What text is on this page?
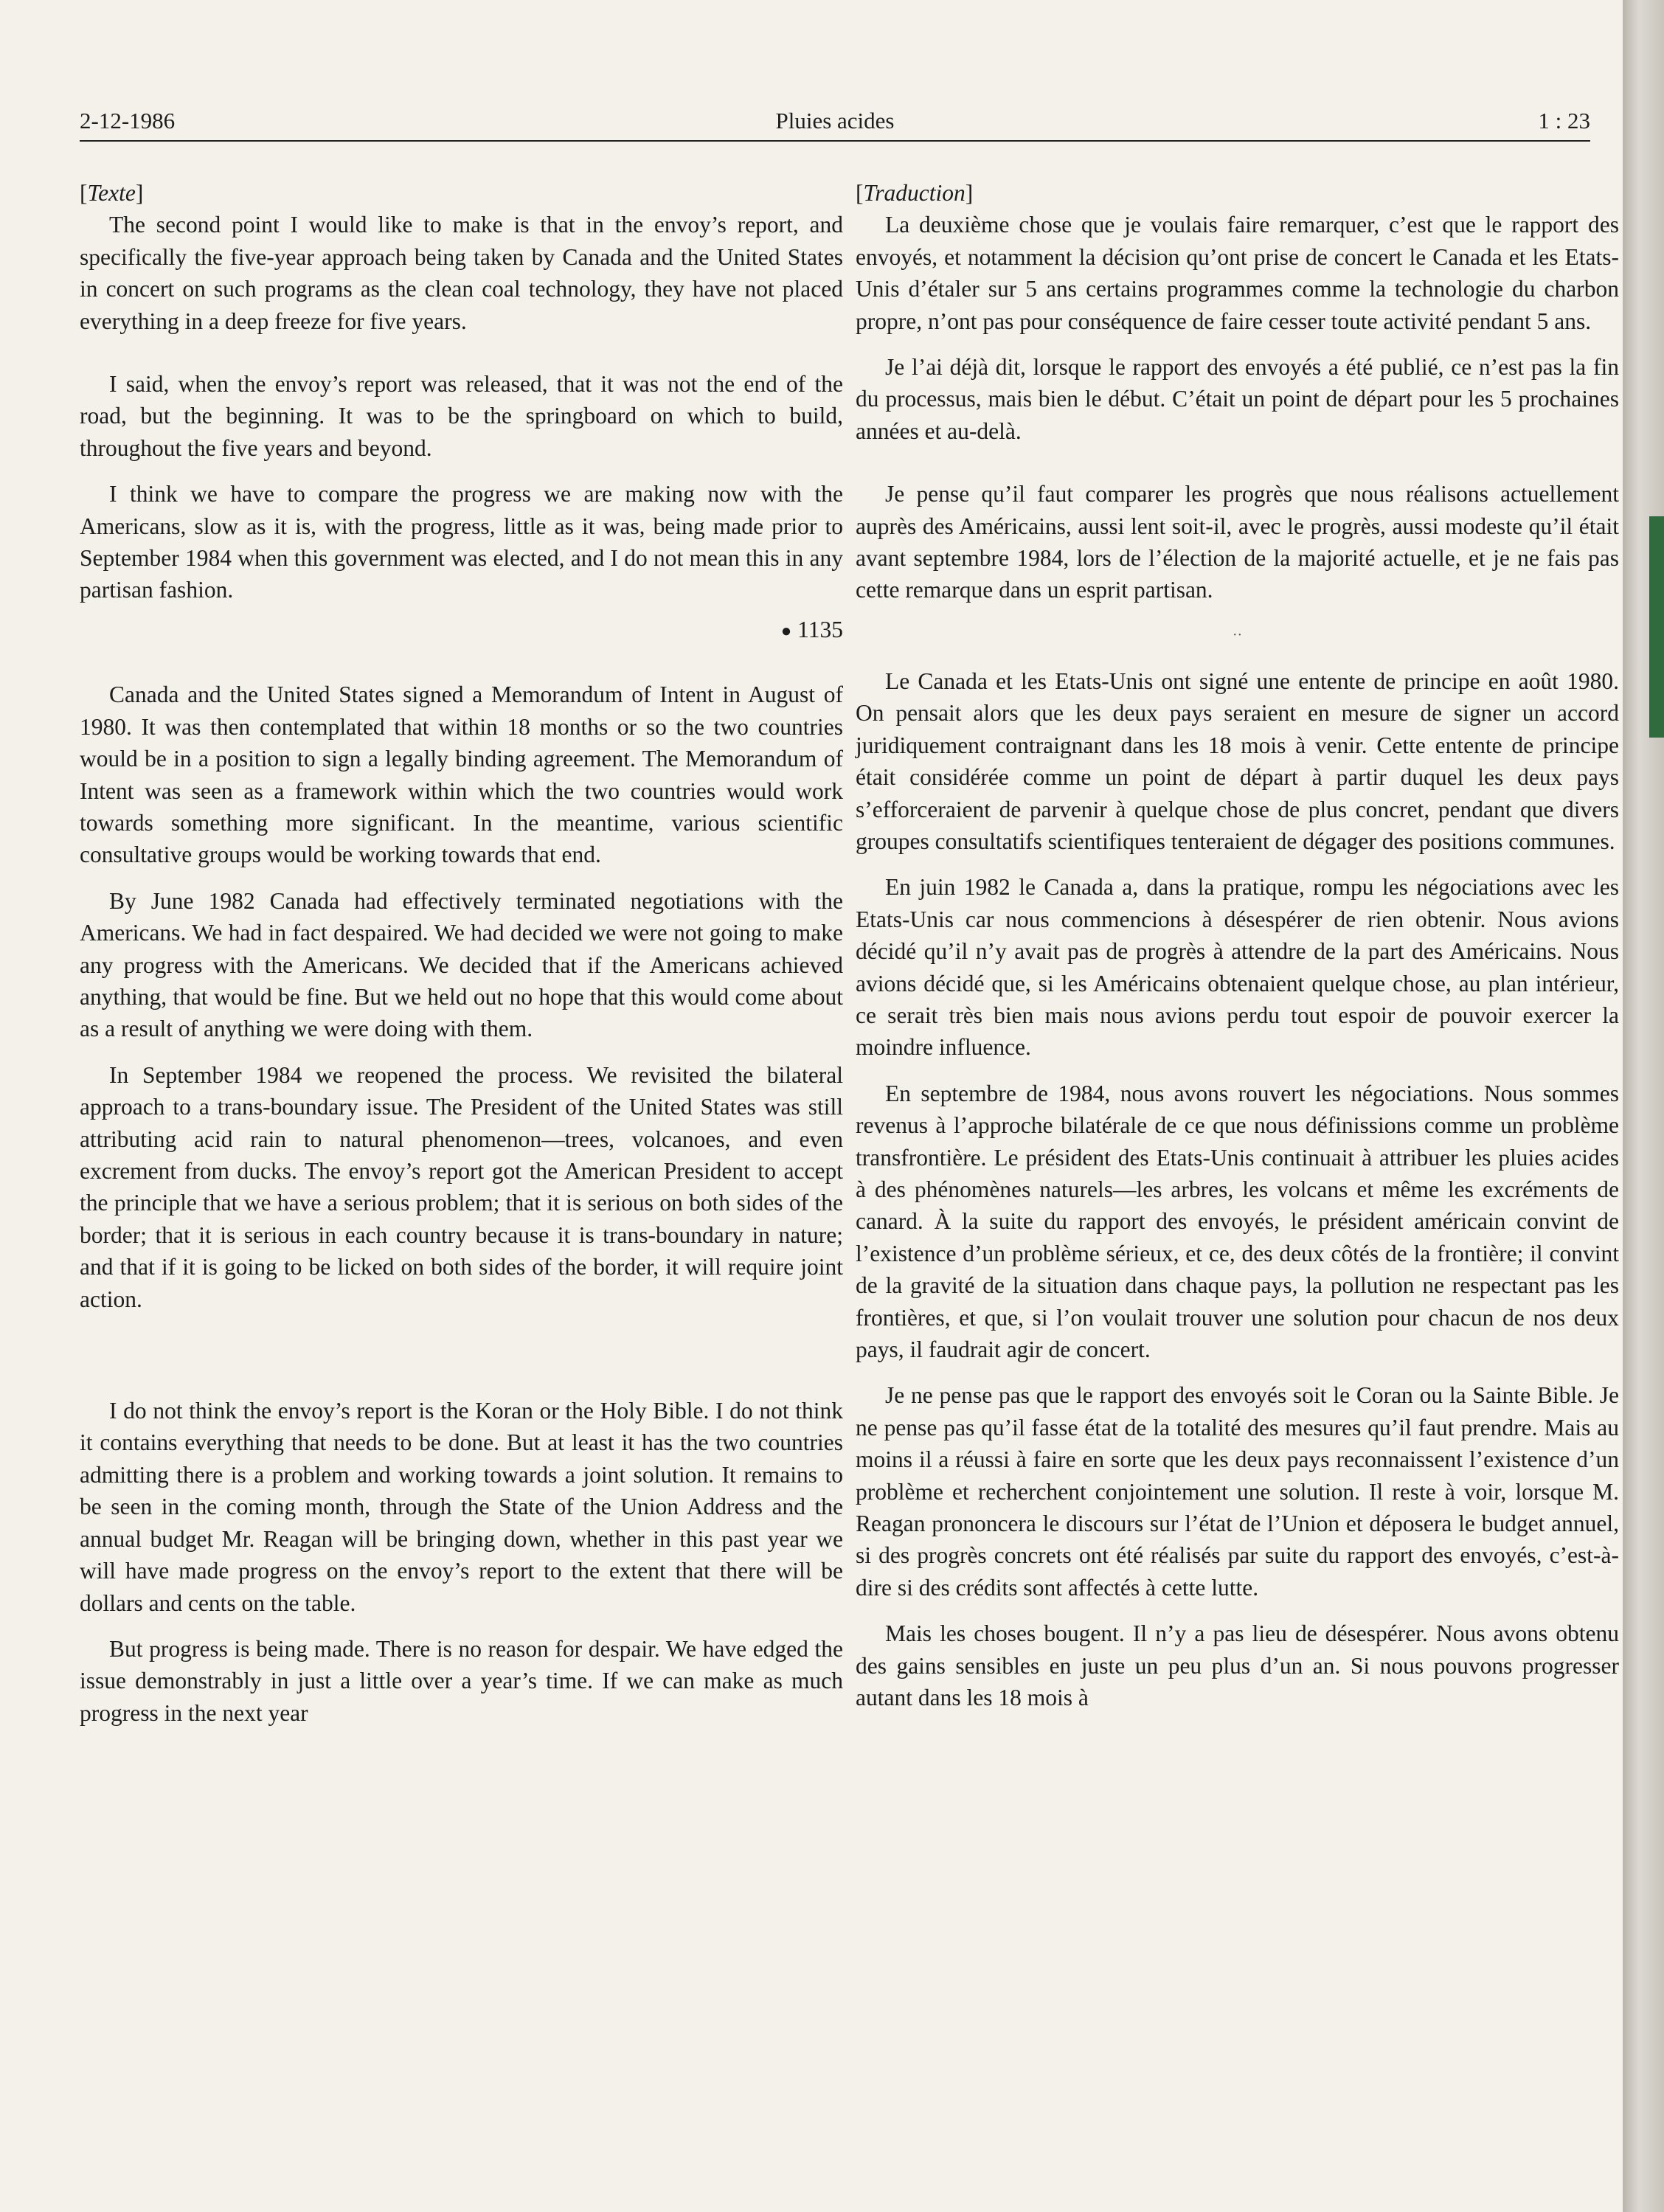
2-12-1986	Pluies acides	1 : 23
[Texte]

The second point I would like to make is that in the envoy’s report, and specifically the five-year approach being taken by Canada and the United States in concert on such programs as the clean coal technology, they have not placed everything in a deep freeze for five years.

I said, when the envoy’s report was released, that it was not the end of the road, but the beginning. It was to be the springboard on which to build, throughout the five years and beyond.

I think we have to compare the progress we are making now with the Americans, slow as it is, with the progress, little as it was, being made prior to September 1984 when this government was elected, and I do not mean this in any partisan fashion.

● 1135

Canada and the United States signed a Memorandum of Intent in August of 1980. It was then contemplated that within 18 months or so the two countries would be in a position to sign a legally binding agreement. The Memorandum of Intent was seen as a framework within which the two countries would work towards something more significant. In the meantime, various scientific consultative groups would be working towards that end.

By June 1982 Canada had effectively terminated negotiations with the Americans. We had in fact despaired. We had decided we were not going to make any progress with the Americans. We decided that if the Americans achieved anything, that would be fine. But we held out no hope that this would come about as a result of anything we were doing with them.

In September 1984 we reopened the process. We revisited the bilateral approach to a trans-boundary issue. The President of the United States was still attributing acid rain to natural phenomenon—trees, volcanoes, and even excrement from ducks. The envoy’s report got the American President to accept the principle that we have a serious problem; that it is serious on both sides of the border; that it is serious in each country because it is trans-boundary in nature; and that if it is going to be licked on both sides of the border, it will require joint action.

I do not think the envoy’s report is the Koran or the Holy Bible. I do not think it contains everything that needs to be done. But at least it has the two countries admitting there is a problem and working towards a joint solution. It remains to be seen in the coming month, through the State of the Union Address and the annual budget Mr. Reagan will be bringing down, whether in this past year we will have made progress on the envoy’s report to the extent that there will be dollars and cents on the table.

But progress is being made. There is no reason for despair. We have edged the issue demonstrably in just a little over a year’s time. If we can make as much progress in the next year

[Traduction]

La deuxième chose que je voulais faire remarquer, c’est que le rapport des envoyés, et notamment la décision qu’ont prise de concert le Canada et les Etats-Unis d’étaler sur 5 ans certains programmes comme la technologie du charbon propre, n’ont pas pour conséquence de faire cesser toute activité pendant 5 ans.

Je l’ai déjà dit, lorsque le rapport des envoyés a été publié, ce n’est pas la fin du processus, mais bien le début. C’était un point de départ pour les 5 prochaines années et au-delà.

Je pense qu’il faut comparer les progrès que nous réalisons actuellement auprès des Américains, aussi lent soit-il, avec le progrès, aussi modeste qu’il était avant septembre 1984, lors de l’élection de la majorité actuelle, et je ne fais pas cette remarque dans un esprit partisan.

··

Le Canada et les Etats-Unis ont signé une entente de principe en août 1980. On pensait alors que les deux pays seraient en mesure de signer un accord juridiquement contraignant dans les 18 mois à venir. Cette entente de principe était considérée comme un point de départ à partir duquel les deux pays s’efforceraient de parvenir à quelque chose de plus concret, pendant que divers groupes consultatifs scientifiques tenteraient de dégager des positions communes.

En juin 1982 le Canada a, dans la pratique, rompu les négociations avec les Etats-Unis car nous commencions à désespérer de rien obtenir. Nous avions décidé qu’il n’y avait pas de progrès à attendre de la part des Américains. Nous avions décidé que, si les Américains obtenaient quelque chose, au plan intérieur, ce serait très bien mais nous avions perdu tout espoir de pouvoir exercer la moindre influence.

En septembre de 1984, nous avons rouvert les négociations. Nous sommes revenus à l’approche bilatérale de ce que nous définissions comme un problème transfrontière. Le président des Etats-Unis continuait à attribuer les pluies acides à des phénomènes naturels—les arbres, les volcans et même les excréments de canard. À la suite du rapport des envoyés, le président américain convint de l’existence d’un problème sérieux, et ce, des deux côtés de la frontière; il convint de la gravité de la situation dans chaque pays, la pollution ne respectant pas les frontières, et que, si l’on voulait trouver une solution pour chacun de nos deux pays, il faudrait agir de concert.

Je ne pense pas que le rapport des envoyés soit le Coran ou la Sainte Bible. Je ne pense pas qu’il fasse état de la totalité des mesures qu’il faut prendre. Mais au moins il a réussi à faire en sorte que les deux pays reconnaissent l’existence d’un problème et recherchent conjointement une solution. Il reste à voir, lorsque M. Reagan prononcera le discours sur l’état de l’Union et déposera le budget annuel, si des progrès concrets ont été réalisés par suite du rapport des envoyés, c’est-à-dire si des crédits sont affectés à cette lutte.

Mais les choses bougent. Il n’y a pas lieu de désespérer. Nous avons obtenu des gains sensibles en juste un peu plus d’un an. Si nous pouvons progresser autant dans les 18 mois à
